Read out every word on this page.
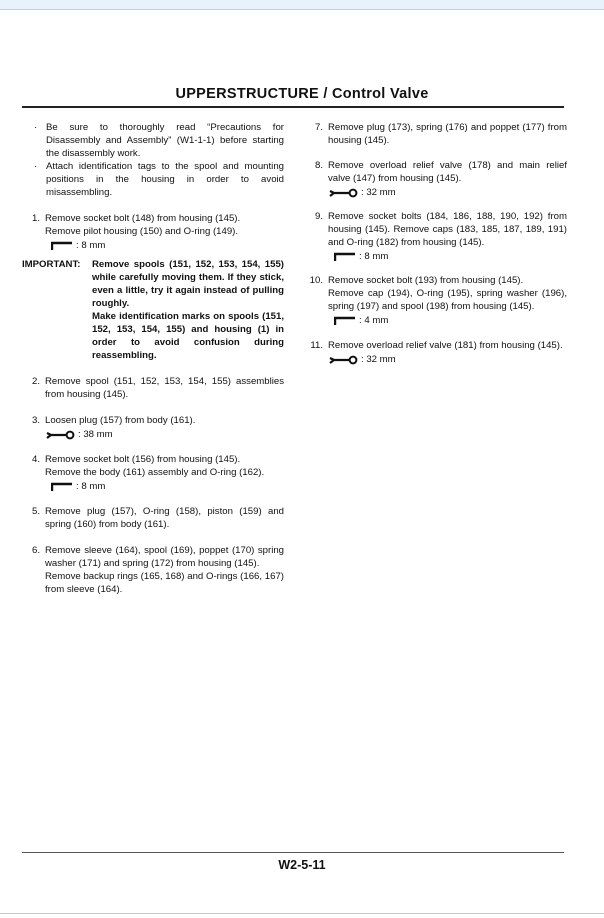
UPPERSTRUCTURE / Control Valve
· Be sure to thoroughly read “Precautions for Disassembly and Assembly” (W1-1-1) before starting the disassembly work.
· Attach identification tags to the spool and mounting positions in the housing in order to avoid misassembling.
1. Remove socket bolt (148) from housing (145).

Remove pilot housing (150) and O-ring (149).

: 8 mm
IMPORTANT: Remove spools (151, 152, 153, 154, 155) while carefully moving them. If they stick, even a little, try it again instead of pulling roughly.

Make identification marks on spools (151, 152, 153, 154, 155) and housing (1) in order to avoid confusion during reassembling.

2. Remove spool (151, 152, 153, 154, 155) assemblies from housing (145).

3. Loosen plug (157) from body (161).

: 38 mm
4. Remove socket bolt (156) from housing (145).

Remove the body (161) assembly and O-ring (162).

: 8 mm
5. Remove plug (157), O-ring (158), piston (159) and spring (160) from body (161).

6. Remove sleeve (164), spool (169), poppet (170) spring washer (171) and spring (172) from housing (145).

Remove backup rings (165, 168) and O-rings (166, 167) from sleeve (164).

7. Remove plug (173), spring (176) and poppet (177) from housing (145).

8. Remove overload relief valve (178) and main relief valve (147) from housing (145).

: 32 mm
9. Remove socket bolts (184, 186, 188, 190, 192) from housing (145). Remove caps (183, 185, 187, 189, 191) and O-ring (182) from housing (145).

: 8 mm
10. Remove socket bolt (193) from housing (145).

Remove cap (194), O-ring (195), spring washer (196), spring (197) and spool (198) from housing (145).

: 4 mm
11. Remove overload relief valve (181) from housing (145).

: 32 mm
W2-5-11
